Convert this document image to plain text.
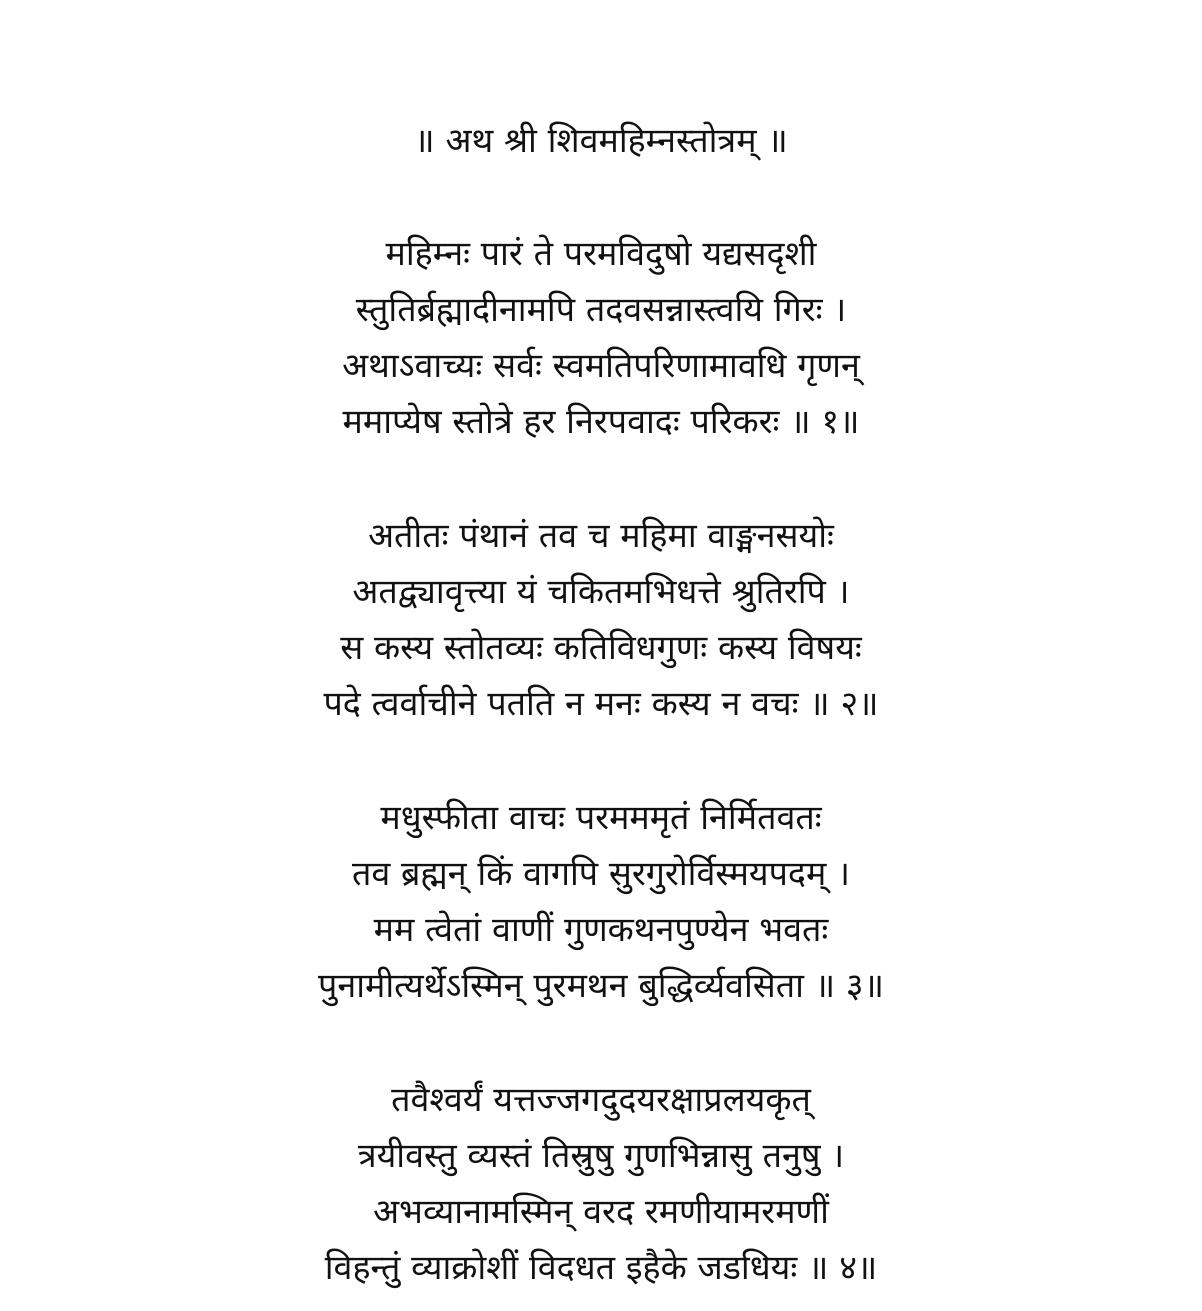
॥ अथ श्री शिवमहिम्नस्तोत्रम् ॥
महिम्नः पारं ते परमविदुषो यद्यसदृशी
स्तुतिर्ब्रह्मादीनामपि तदवसन्नास्त्वयि गिरः ।
अथाऽवाच्यः सर्वः स्वमतिपरिणामावधि गृणन्
ममाप्येष स्तोत्रे हर निरपवादः परिकरः ॥ १॥
अतीतः पंथानं तव च महिमा वाङ्मनसयोः
अतद्व्यावृत्त्या यं चकितमभिधत्ते श्रुतिरपि ।
स कस्य स्तोतव्यः कतिविधगुणः कस्य विषयः
पदे त्वर्वाचीने पतति न मनः कस्य न वचः ॥ २॥
मधुस्फीता वाचः परमममृतं निर्मितवतः
तव ब्रह्मन् किं वागपि सुरगुरोर्विस्मयपदम् ।
मम त्वेतां वाणीं गुणकथनपुण्येन भवतः
पुनामीत्यर्थेऽस्मिन् पुरमथन बुद्धिर्व्यवसिता ॥ ३॥
तवैश्वर्यं यत्तज्जगदुदयरक्षाप्रलयकृत्
त्रयीवस्तु व्यस्तं तिस्रुषु गुणभिन्नासु तनुषु ।
अभव्यानामस्मिन् वरद रमणीयामरमणीं
विहन्तुं व्याक्रोशीं विदधत इहैके जडधियः ॥ ४॥
